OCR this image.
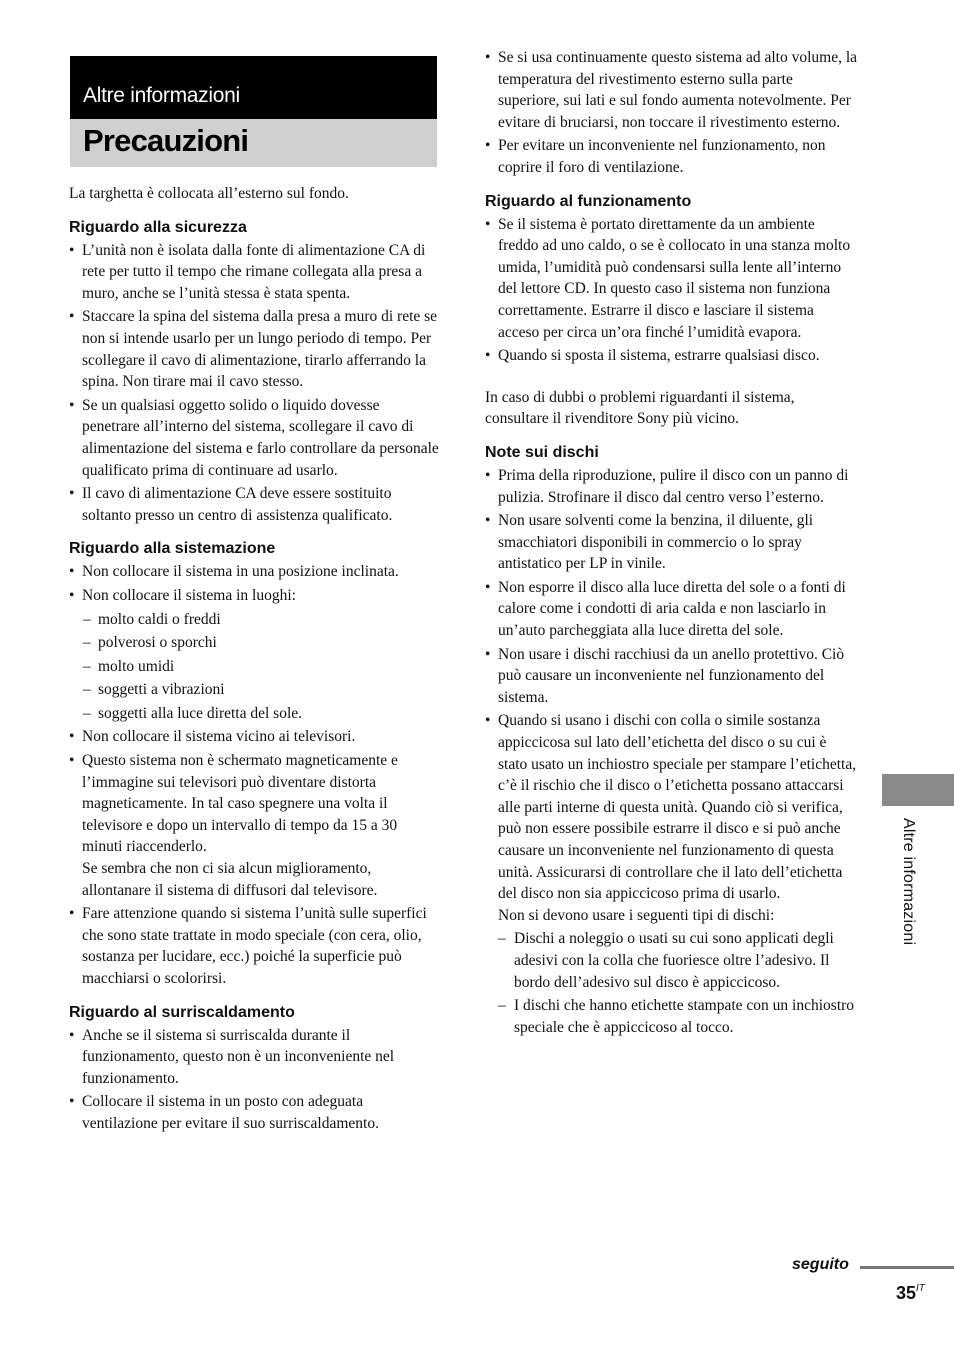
Altre informazioni
Precauzioni

La targhetta è collocata all’esterno sul fondo.

Riguardo alla sicurezza
• L’unità non è isolata dalla fonte di alimentazione CA di rete per tutto il tempo che rimane collegata alla presa a muro, anche se l’unità stessa è stata spenta.
• Staccare la spina del sistema dalla presa a muro di rete se non si intende usarlo per un lungo periodo di tempo. Per scollegare il cavo di alimentazione, tirarlo afferrando la spina. Non tirare mai il cavo stesso.
• Se un qualsiasi oggetto solido o liquido dovesse penetrare all’interno del sistema, scollegare il cavo di alimentazione del sistema e farlo controllare da personale qualificato prima di continuare ad usarlo.
• Il cavo di alimentazione CA deve essere sostituito soltanto presso un centro di assistenza qualificato.
Riguardo alla sistemazione
• Non collocare il sistema in una posizione inclinata.
• Non collocare il sistema in luoghi:
– molto caldi o freddi
– polverosi o sporchi
– molto umidi
– soggetti a vibrazioni
– soggetti alla luce diretta del sole.
• Non collocare il sistema vicino ai televisori.
• Questo sistema non è schermato magneticamente e l’immagine sui televisori può diventare distorta magneticamente. In tal caso spegnere una volta il televisore e dopo un intervallo di tempo da 15 a 30 minuti riaccenderlo.
Se sembra che non ci sia alcun miglioramento, allontanare il sistema di diffusori dal televisore.
• Fare attenzione quando si sistema l’unità sulle superfici che sono state trattate in modo speciale (con cera, olio, sostanza per lucidare, ecc.) poiché la superficie può macchiarsi o scolorirsi.
Riguardo al surriscaldamento
• Anche se il sistema si surriscalda durante il funzionamento, questo non è un inconveniente nel funzionamento.
• Collocare il sistema in un posto con adeguata ventilazione per evitare il suo surriscaldamento.
• Se si usa continuamente questo sistema ad alto volume, la temperatura del rivestimento esterno sulla parte superiore, sui lati e sul fondo aumenta notevolmente. Per evitare di bruciarsi, non toccare il rivestimento esterno.
• Per evitare un inconveniente nel funzionamento, non coprire il foro di ventilazione.
Riguardo al funzionamento
• Se il sistema è portato direttamente da un ambiente freddo ad uno caldo, o se è collocato in una stanza molto umida, l’umidità può condensarsi sulla lente all’interno del lettore CD. In questo caso il sistema non funziona correttamente. Estrarre il disco e lasciare il sistema acceso per circa un’ora finché l’umidità evapora.
• Quando si sposta il sistema, estrarre qualsiasi disco.

In caso di dubbi o problemi riguardanti il sistema, consultare il rivenditore Sony più vicino.

Note sui dischi
• Prima della riproduzione, pulire il disco con un panno di pulizia. Strofinare il disco dal centro verso l’esterno.
• Non usare solventi come la benzina, il diluente, gli smacchiatori disponibili in commercio o lo spray antistatico per LP in vinile.
• Non esporre il disco alla luce diretta del sole o a fonti di calore come i condotti di aria calda e non lasciarlo in un’auto parcheggiata alla luce diretta del sole.
• Non usare i dischi racchiusi da un anello protettivo. Ciò può causare un inconveniente nel funzionamento del sistema.
• Quando si usano i dischi con colla o simile sostanza appiccicosa sul lato dell’etichetta del disco o su cui è stato usato un inchiostro speciale per stampare l’etichetta, c’è il rischio che il disco o l’etichetta possano attaccarsi alle parti interne di questa unità. Quando ciò si verifica, può non essere possibile estrarre il disco e si può anche causare un inconveniente nel funzionamento di questa unità. Assicurarsi di controllare che il lato dell’etichetta del disco non sia appiccicoso prima di usarlo.
Non si devono usare i seguenti tipi di dischi:
– Dischi a noleggio o usati su cui sono applicati degli adesivi con la colla che fuoriesce oltre l’adesivo. Il bordo dell’adesivo sul disco è appiccicoso.
– I dischi che hanno etichette stampate con un inchiostro speciale che è appiccicoso al tocco.
Altre informazioni
seguito
$35^{IT}$
